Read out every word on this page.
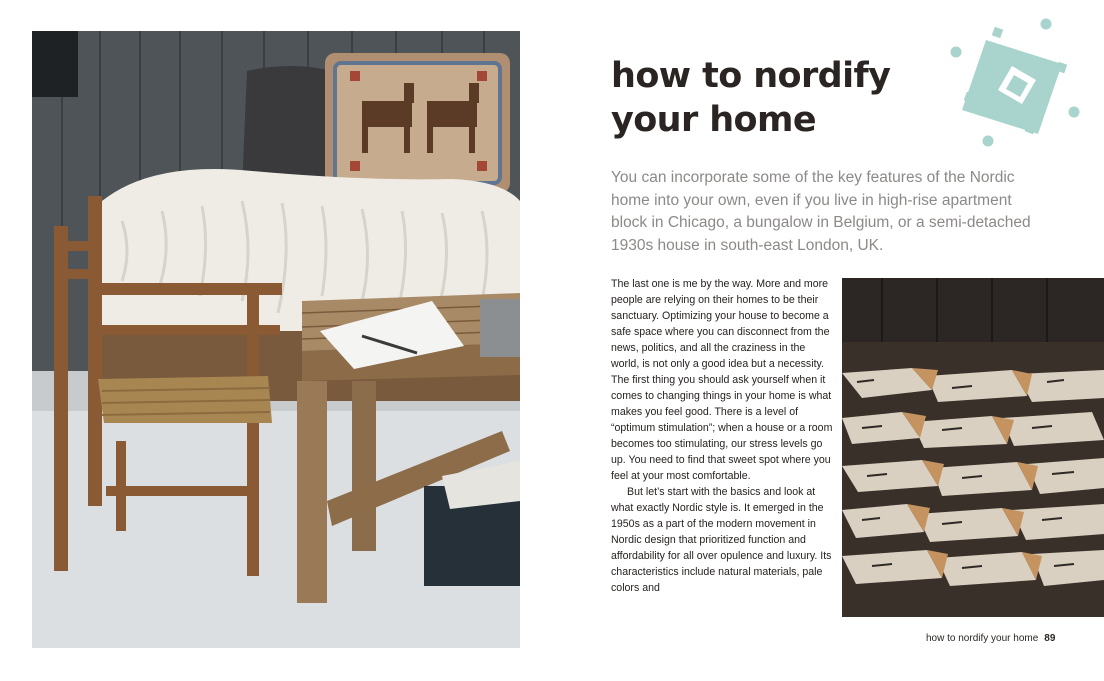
how to nordify
your home

You can incorporate some of the key features of the Nordic home into your own, even if you live in high-rise apartment block in Chicago, a bungalow in Belgium, or a semi-detached 1930s house in south-east London, UK.

The last one is me by the way. More and more people are relying on their homes to be their sanctuary. Optimizing your house to become a safe space where you can disconnect from the news, politics, and all the craziness in the world, is not only a good idea but a necessity. The first thing you should ask yourself when it comes to changing things in your home is what makes you feel good. There is a level of “optimum stimulation”; when a house or a room becomes too stimulating, our stress levels go up. You need to find that sweet spot where you feel at your most comfortable.

But let’s start with the basics and look at what exactly Nordic style is. It emerged in the 1950s as a part of the modern movement in Nordic design that prioritized function and affordability for all over opulence and luxury. Its characteristics include natural materials, pale colors and

how to nordify your home 89
